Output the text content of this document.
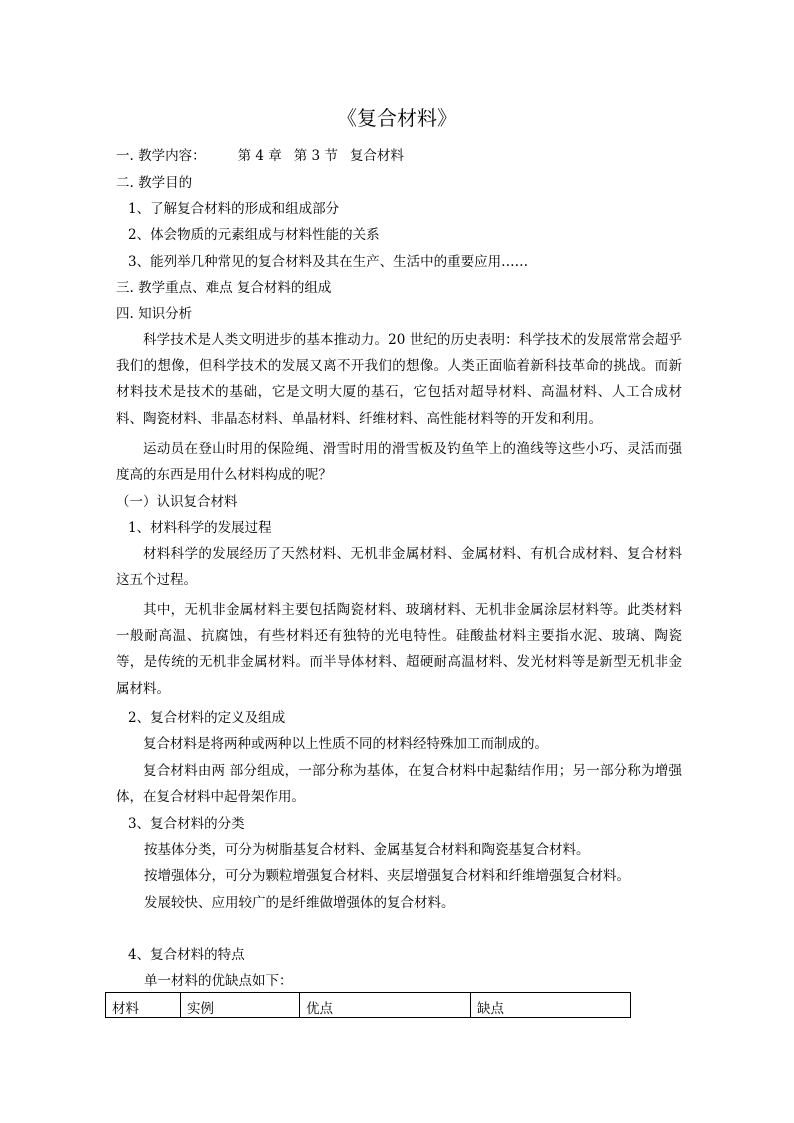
《复合材料》
一. 教学内容： 第 4 章 第 3 节 复合材料
二. 教学目的
1、了解复合材料的形成和组成部分
2、体会物质的元素组成与材料性能的关系
3、能列举几种常见的复合材料及其在生产、生活中的重要应用……
三. 教学重点、难点 复合材料的组成
四. 知识分析
科学技术是人类文明进步的基本推动力。20 世纪的历史表明：科学技术的发展常常会超乎我们的想像，但科学技术的发展又离不开我们的想像。人类正面临着新科技革命的挑战。而新材料技术是技术的基础，它是文明大厦的基石，它包括对超导材料、高温材料、人工合成材料、陶瓷材料、非晶态材料、单晶材料、纤维材料、高性能材料等的开发和利用。
运动员在登山时用的保险绳、滑雪时用的滑雪板及钓鱼竿上的渔线等这些小巧、灵活而强度高的东西是用什么材料构成的呢？
（一）认识复合材料
1、材料科学的发展过程
材料科学的发展经历了天然材料、无机非金属材料、金属材料、有机合成材料、复合材料这五个过程。
其中，无机非金属材料主要包括陶瓷材料、玻璃材料、无机非金属涂层材料等。此类材料一般耐高温、抗腐蚀，有些材料还有独特的光电特性。硅酸盐材料主要指水泥、玻璃、陶瓷等，是传统的无机非金属材料。而半导体材料、超硬耐高温材料、发光材料等是新型无机非金属材料。
2、复合材料的定义及组成
复合材料是将两种或两种以上性质不同的材料经特殊加工而制成的。
复合材料由两 部分组成，一部分称为基体，在复合材料中起黏结作用；另一部分称为增强体，在复合材料中起骨架作用。
3、复合材料的分类
按基体分类，可分为树脂基复合材料、金属基复合材料和陶瓷基复合材料。
按增强体分，可分为颗粒增强复合材料、夹层增强复合材料和纤维增强复合材料。
发展较快、应用较广的是纤维做增强体的复合材料。
4、复合材料的特点
单一材料的优缺点如下：
材料	实例	优点	缺点
